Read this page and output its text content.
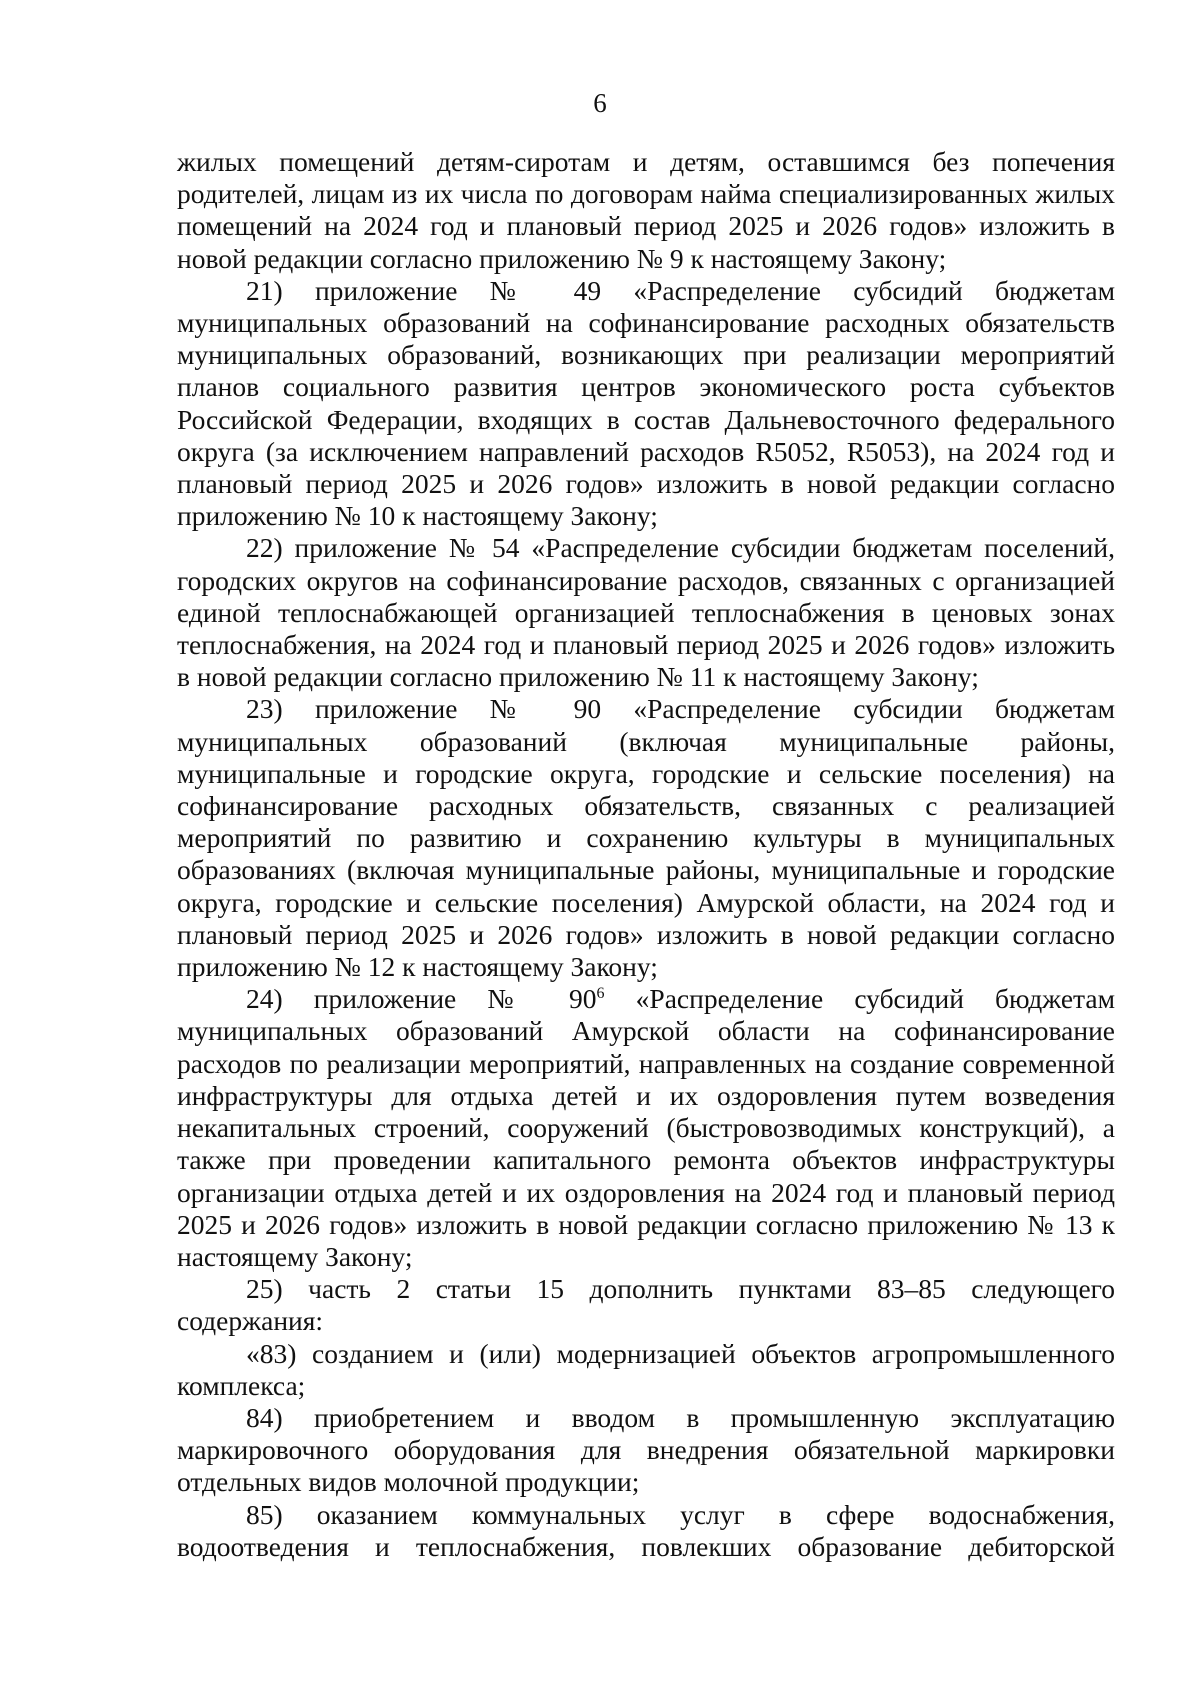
6

жилых помещений детям-сиротам и детям, оставшимся без попечения родителей, лицам из их числа по договорам найма специализированных жилых помещений на 2024 год и плановый период 2025 и 2026 годов» изложить в новой редакции согласно приложению № 9 к настоящему Закону;

21) приложение № 49 «Распределение субсидий бюджетам муниципальных образований на софинансирование расходных обязательств муниципальных образований, возникающих при реализации мероприятий планов социального развития центров экономического роста субъектов Российской Федерации, входящих в состав Дальневосточного федерального округа (за исключением направлений расходов R5052, R5053), на 2024 год и плановый период 2025 и 2026 годов» изложить в новой редакции согласно приложению № 10 к настоящему Закону;

22) приложение № 54 «Распределение субсидии бюджетам поселений, городских округов на софинансирование расходов, связанных с организацией единой теплоснабжающей организацией теплоснабжения в ценовых зонах теплоснабжения, на 2024 год и плановый период 2025 и 2026 годов» изложить в новой редакции согласно приложению № 11 к настоящему Закону;

23) приложение № 90 «Распределение субсидии бюджетам муниципальных образований (включая муниципальные районы, муниципальные и городские округа, городские и сельские поселения) на софинансирование расходных обязательств, связанных с реализацией мероприятий по развитию и сохранению культуры в муниципальных образованиях (включая муниципальные районы, муниципальные и городские округа, городские и сельские поселения) Амурской области, на 2024 год и плановый период 2025 и 2026 годов» изложить в новой редакции согласно приложению № 12 к настоящему Закону;

24) приложение № $90^6$ «Распределение субсидий бюджетам муниципальных образований Амурской области на софинансирование расходов по реализации мероприятий, направленных на создание современной инфраструктуры для отдыха детей и их оздоровления путем возведения некапитальных строений, сооружений (быстровозводимых конструкций), а также при проведении капитального ремонта объектов инфраструктуры организации отдыха детей и их оздоровления на 2024 год и плановый период 2025 и 2026 годов» изложить в новой редакции согласно приложению № 13 к настоящему Закону;

25) часть 2 статьи 15 дополнить пунктами 83–85 следующего содержания:

«83) созданием и (или) модернизацией объектов агропромышленного комплекса;

84) приобретением и вводом в промышленную эксплуатацию маркировочного оборудования для внедрения обязательной маркировки отдельных видов молочной продукции;

85) оказанием коммунальных услуг в сфере водоснабжения, водоотведения и теплоснабжения, повлекших образование дебиторской
